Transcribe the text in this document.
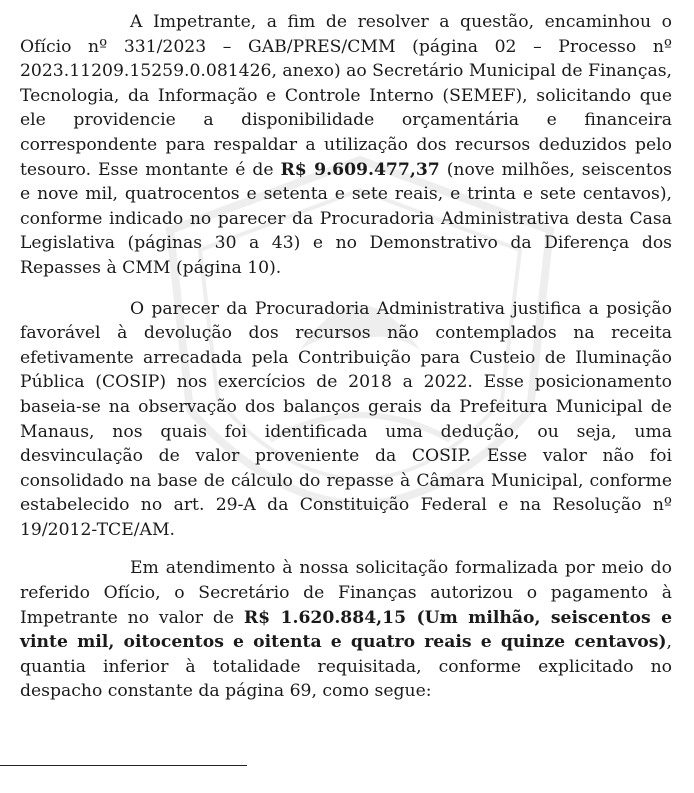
A Impetrante, a fim de resolver a questão, encaminhou o Ofício nº 331/2023 – GAB/PRES/CMM (página 02 – Processo nº 2023.11209.15259.0.081426, anexo) ao Secretário Municipal de Finanças, Tecnologia, da Informação e Controle Interno (SEMEF), solicitando que ele providencie a disponibilidade orçamentária e financeira correspondente para respaldar a utilização dos recursos deduzidos pelo tesouro. Esse montante é de R$ 9.609.477,37 (nove milhões, seiscentos e nove mil, quatrocentos e setenta e sete reais, e trinta e sete centavos), conforme indicado no parecer da Procuradoria Administrativa desta Casa Legislativa (páginas 30 a 43) e no Demonstrativo da Diferença dos Repasses à CMM (página 10).

O parecer da Procuradoria Administrativa justifica a posição favorável à devolução dos recursos não contemplados na receita efetivamente arrecadada pela Contribuição para Custeio de Iluminação Pública (COSIP) nos exercícios de 2018 a 2022. Esse posicionamento baseia-se na observação dos balanços gerais da Prefeitura Municipal de Manaus, nos quais foi identificada uma dedução, ou seja, uma desvinculação de valor proveniente da COSIP. Esse valor não foi consolidado na base de cálculo do repasse à Câmara Municipal, conforme estabelecido no art. 29-A da Constituição Federal e na Resolução nº 19/2012-TCE/AM.

Em atendimento à nossa solicitação formalizada por meio do referido Ofício, o Secretário de Finanças autorizou o pagamento à Impetrante no valor de R$ 1.620.884,15 (Um milhão, seiscentos e vinte mil, oitocentos e oitenta e quatro reais e quinze centavos), quantia inferior à totalidade requisitada, conforme explicitado no despacho constante da página 69, como segue:
